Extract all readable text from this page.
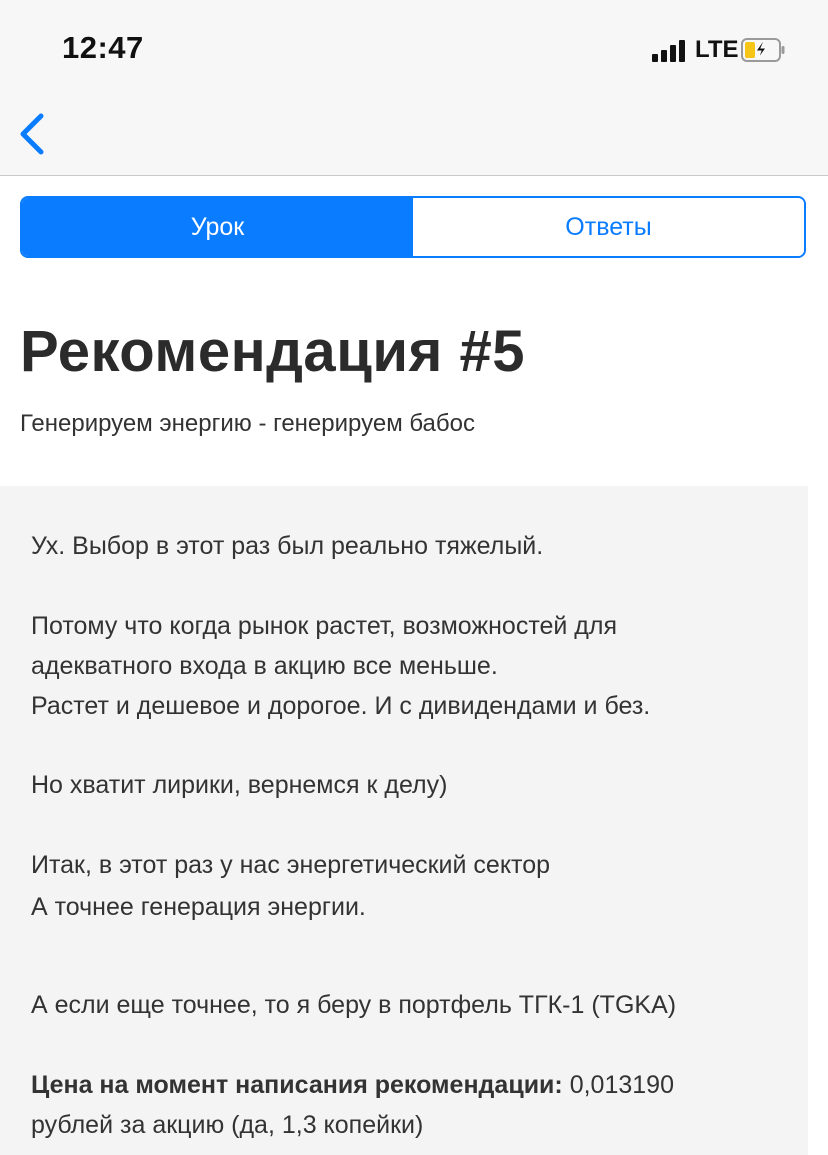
12:47	LTE
Урок	Ответы
Рекомендация #5
Генерируем энергию - генерируем бабос
Ух. Выбор в этот раз был реально тяжелый.
Потому что когда рынок растет, возможностей для
адекватного входа в акцию все меньше.
Растет и дешевое и дорогое. И с дивидендами и без.
Но хватит лирики, вернемся к делу)
Итак, в этот раз у нас энергетический сектор
А точнее генерация энергии.
А если еще точнее, то я беру в портфель ТГК-1 (TGKA)
Цена на момент написания рекомендации: 0,013190
рублей за акцию (да, 1,3 копейки)
